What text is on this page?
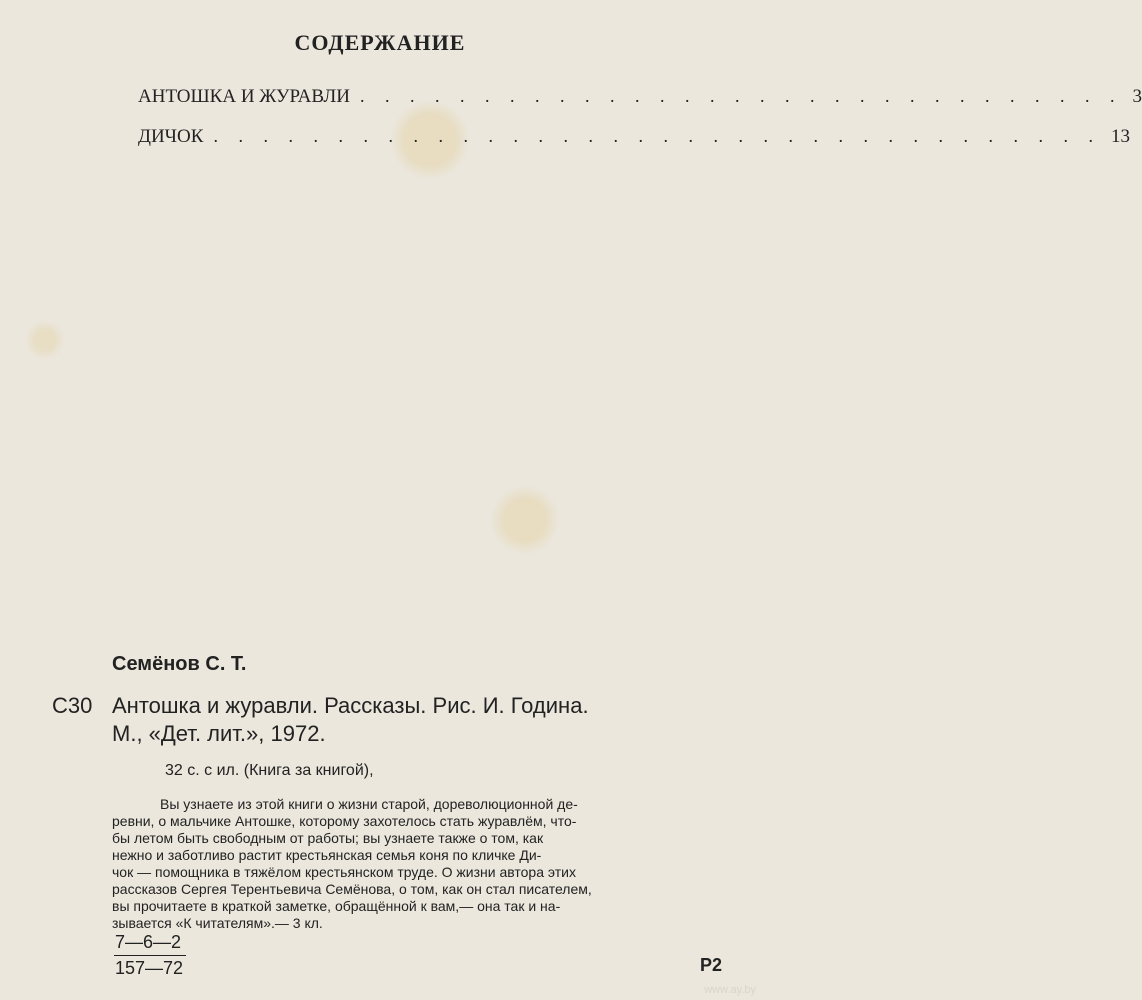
СОДЕРЖАНИЕ
АНТОШКА И ЖУРАВЛИ . . . . . . . . . . . . . . . . . . . . . . . . . . . . . . . 3
ДИЧОК . . . . . . . . . . . . . . . . . . . . . . . . . . . . . . . . . . . . 13
Семёнов С. Т.
С30 Антошка и журавли. Рассказы. Рис. И. Година.
М., «Дет. лит.», 1972.
32 с. с ил. (Книга за книгой),
Вы узнаете из этой книги о жизни старой, дореволюционной де-
ревни, о мальчике Антошке, которому захотелось стать журавлём, что-
бы летом быть свободным от работы; вы узнаете также о том, как
нежно и заботливо растит крестьянская семья коня по кличке Ди-
чок — помощника в тяжёлом крестьянском труде. О жизни автора этих
рассказов Сергея Терентьевича Семёнова, о том, как он стал писателем,
вы прочитаете в краткой заметке, обращённой к вам,— она так и на-
зывается «К читателям».— 3 кл.
7—6—2
157—72	Р2
www.ay.by
